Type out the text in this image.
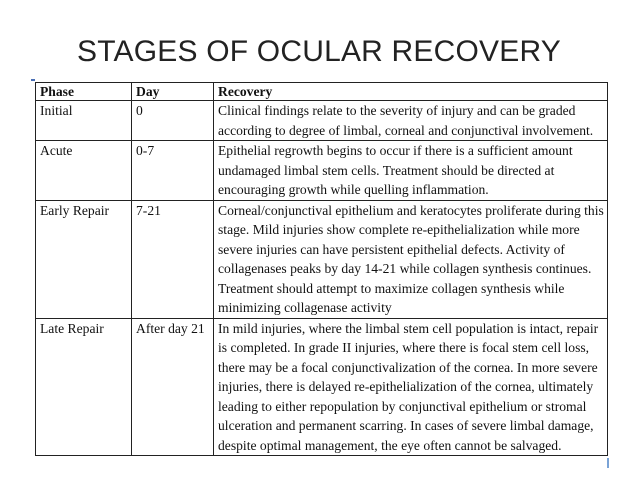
STAGES OF OCULAR RECOVERY
Phase	Day	Recovery
Initial	0	Clinical findings relate to the severity of injury and can be graded according to degree of limbal, corneal and conjunctival involvement.
Acute	0-7	Epithelial regrowth begins to occur if there is a sufficient amount undamaged limbal stem cells. Treatment should be directed at encouraging growth while quelling inflammation.
Early Repair	7-21	Corneal/conjunctival epithelium and keratocytes proliferate during this stage. Mild injuries show complete re-epithelialization while more severe injuries can have persistent epithelial defects. Activity of collagenases peaks by day 14-21 while collagen synthesis continues. Treatment should attempt to maximize collagen synthesis while minimizing collagenase activity
Late Repair	After day 21	In mild injuries, where the limbal stem cell population is intact, repair is completed. In grade II injuries, where there is focal stem cell loss, there may be a focal conjunctivalization of the cornea. In more severe injuries, there is delayed re-epithelialization of the cornea, ultimately leading to either repopulation by conjunctival epithelium or stromal ulceration and permanent scarring. In cases of severe limbal damage, despite optimal management, the eye often cannot be salvaged.
